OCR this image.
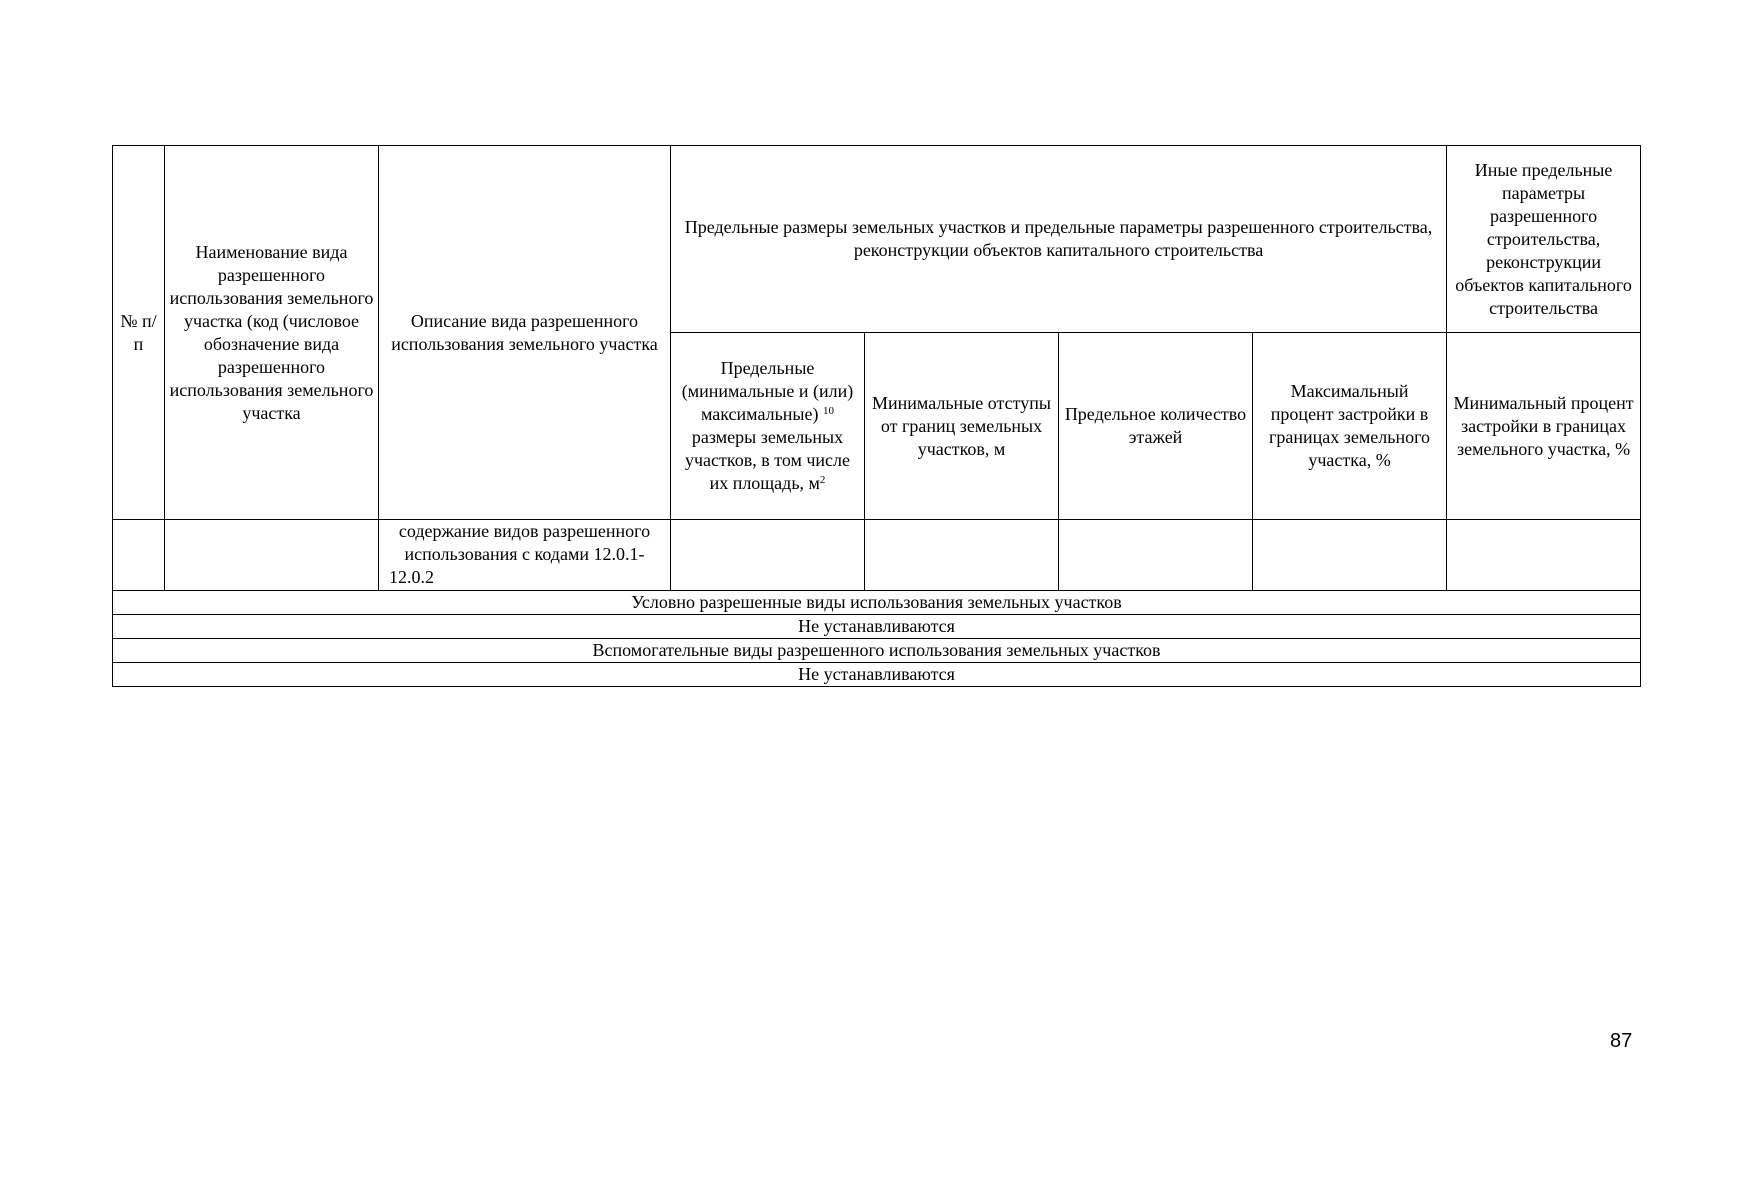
№ п/п	Наименование вида разрешенного использования земельного участка (код (числовое обозначение вида разрешенного использования земельного участка	Описание вида разрешенного использования земельного участка	Предельные размеры земельных участков и предельные параметры разрешенного строительства, реконструкции объектов капитального строительства				Иные предельные параметры разрешенного строительства, реконструкции объектов капитального строительства
			Предельные (минимальные и (или) максимальные) $^{10}$ размеры земельных участков, в том числе их площадь, $м^2$	Минимальные отступы от границ земельных участков, м	Предельное количество этажей	Максимальный процент застройки в границах земельного участка, %	Минимальный процент застройки в границах земельного участка, %
		содержание видов разрешенного использования с кодами 12.0.1-12.0.2					
Условно разрешенные виды использования земельных участков							
Не устанавливаются							
Вспомогательные виды разрешенного использования земельных участков							
Не устанавливаются							
87
